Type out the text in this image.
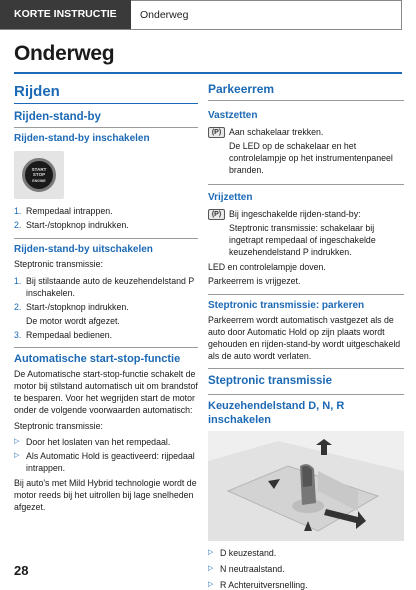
KORTE INSTRUCTIE	Onderweg
Onderweg
Rijden
Rijden-stand-by
Rijden-stand-by inschakelen
START
STOP
ENGINE
1. Rempedaal intrappen.
2. Start-/stopknop indrukken.
Rijden-stand-by uitschakelen

Steptronic transmissie:

1. Bij stilstaande auto de keuzehendelstand P inschakelen.
2. Start-/stopknop indrukken.

De motor wordt afgezet.

3. Rempedaal bedienen.
Automatische start-stop-functie

De Automatische start-stop-functie schakelt de motor bij stilstand automatisch uit om brandstof te besparen. Voor het wegrijden start de motor onder de volgende voorwaarden automatisch:

Steptronic transmissie:

▷ Door het loslaten van het rempedaal.
▷ Als Automatic Hold is geactiveerd: rijpedaal intrappen.

Bij auto's met Mild Hybrid technologie wordt de motor reeds bij het uitrollen bij lage snelheden afgezet.

Parkeerrem
Vastzetten
(P) Aan schakelaar trekken.

De LED op de schakelaar en het controlelampje op het instrumentenpaneel branden.

Vrijzetten
(P) Bij ingeschakelde rijden-stand-by:

Steptronic transmissie: schakelaar bij ingetrapt rempedaal of ingeschakelde keuzehendelstand P indrukken.

LED en controlelampje doven.

Parkeerrem is vrijgezet.

Steptronic transmissie: parkeren

Parkeerrem wordt automatisch vastgezet als de auto door Automatic Hold op zijn plaats wordt gehouden en rijden-stand-by wordt uitgeschakeld als de auto wordt verlaten.

Steptronic transmissie
Keuzehendelstand D, N, R inschakelen
▷ D keuzestand.
▷ N neutraalstand.
▷ R Achteruitversnelling.
28
